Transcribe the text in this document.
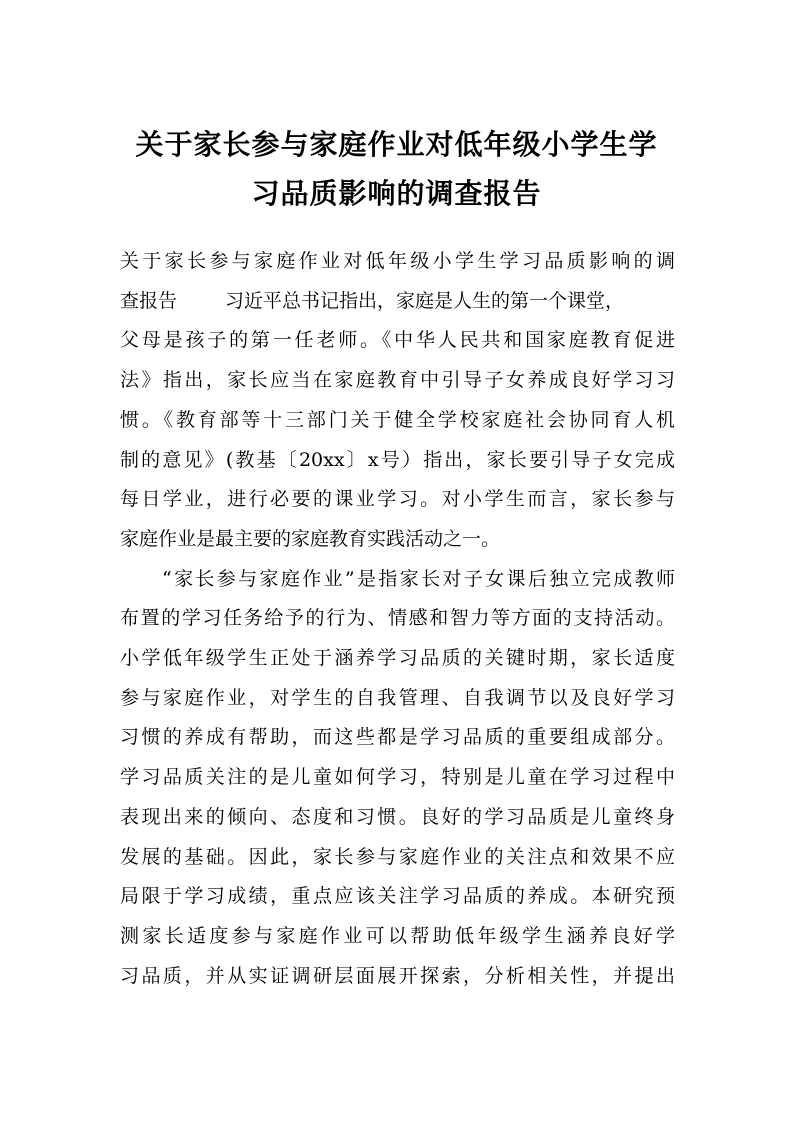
关于家长参与家庭作业对低年级小学生学
习品质影响的调查报告
关于家长参与家庭作业对低年级小学生学习品质影响的调
查报告	习近平总书记指出，家庭是人生的第一个课堂，
父母是孩子的第一任老师。《中华人民共和国家庭教育促进
法》指出，家长应当在家庭教育中引导子女养成良好学习习
惯。《教育部等十三部门关于健全学校家庭社会协同育人机
制的意见》(教基〔20xx〕x号）指出，家长要引导子女完成
每日学业，进行必要的课业学习。对小学生而言，家长参与
家庭作业是最主要的家庭教育实践活动之一。
“家长参与家庭作业”是指家长对子女课后独立完成教师
布置的学习任务给予的行为、情感和智力等方面的支持活动。
小学低年级学生正处于涵养学习品质的关键时期，家长适度
参与家庭作业，对学生的自我管理、自我调节以及良好学习
习惯的养成有帮助，而这些都是学习品质的重要组成部分。
学习品质关注的是儿童如何学习，特别是儿童在学习过程中
表现出来的倾向、态度和习惯。良好的学习品质是儿童终身
发展的基础。因此，家长参与家庭作业的关注点和效果不应
局限于学习成绩，重点应该关注学习品质的养成。本研究预
测家长适度参与家庭作业可以帮助低年级学生涵养良好学
习品质，并从实证调研层面展开探索，分析相关性，并提出
